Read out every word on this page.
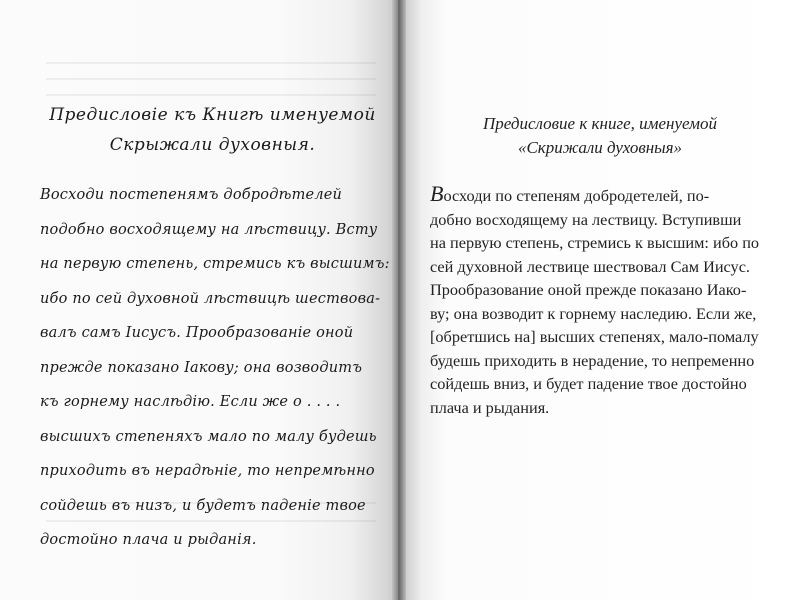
Предисловіе къ Книгѣ именуемой
Скрыжали духовныя.
Восходи постепенямъ добродѣтелей
подобно восходящему на лѣствицу. Всту
на первую степень, стремись къ высшимъ:
ибо по сей духовной лѣствицѣ шествова-
валъ самъ Іисусъ. Прообразованіе оной
прежде показано Іакову; она возводитъ
къ горнему наслѣдію. Если же о . . . .
высшихъ степеняхъ мало по малу будешь
приходить въ нерадѣніе, то непремѣнно
сойдешь въ низъ, и будетъ паденіе твое
достойно плача и рыданія.
Предисловие к книге, именуемой
«Скрижали духовныя»
Восходи по степеням добродетелей, по-
добно восходящему на лествицу. Вступивши
на первую степень, стремись к высшим: ибо по
сей духовной лествице шествовал Сам Иисус.
Прообразование оной прежде показано Иако-
ву; она возводит к горнему наследию. Если же,
[обретшись на] высших степенях, мало-помалу
будешь приходить в нерадение, то непременно
сойдешь вниз, и будет падение твое достойно
плача и рыдания.
